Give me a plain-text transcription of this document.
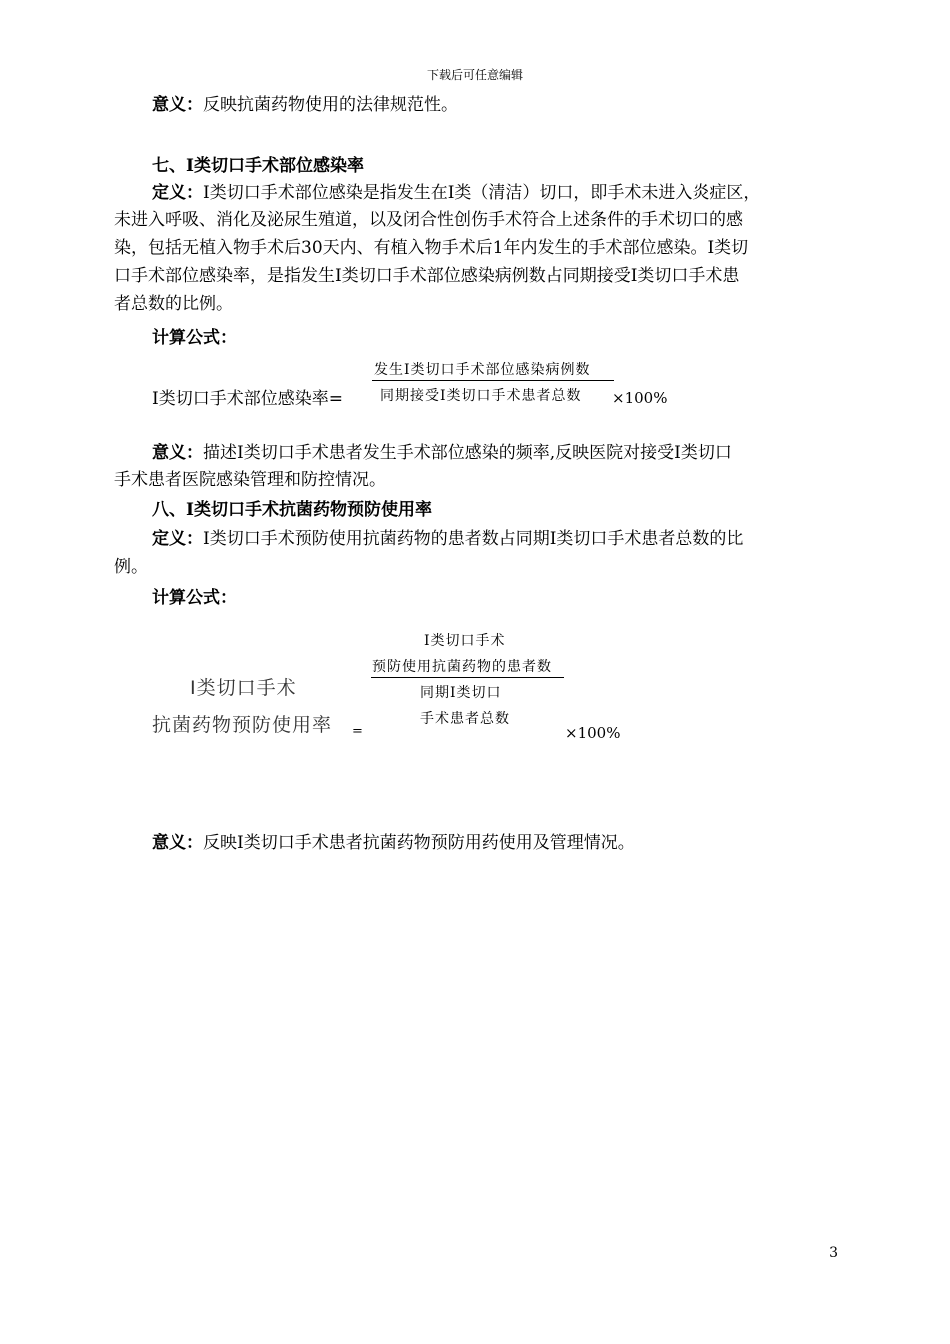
下载后可任意编辑
意义：反映抗菌药物使用的法律规范性。
七、I类切口手术部位感染率
定义：I类切口手术部位感染是指发生在Ⅰ类（清洁）切口，即手术未进入炎症区，
未进入呼吸、消化及泌尿生殖道，以及闭合性创伤手术符合上述条件的手术切口的感
染，包括无植入物手术后30天内、有植入物手术后1年内发生的手术部位感染。I类切
口手术部位感染率，是指发生I类切口手术部位感染病例数占同期接受I类切口手术患
者总数的比例。
计算公式：
Ⅰ类切口手术部位感染率=
发生Ⅰ类切口手术部位感染病例数
同期接受Ⅰ类切口手术患者总数 ×100%
意义：描述Ⅰ类切口手术患者发生手术部位感染的频率,反映医院对接受Ⅰ类切口
手术患者医院感染管理和防控情况。
八、I类切口手术抗菌药物预防使用率
定义：I类切口手术预防使用抗菌药物的患者数占同期I类切口手术患者总数的比
例。
计算公式：
Ⅰ类切口手术
抗菌药物预防使用率 =
Ⅰ类切口手术
预防使用抗菌药物的患者数
同期Ⅰ类切口
手术患者总数
×100%
意义：反映Ⅰ类切口手术患者抗菌药物预防用药使用及管理情况。
3
